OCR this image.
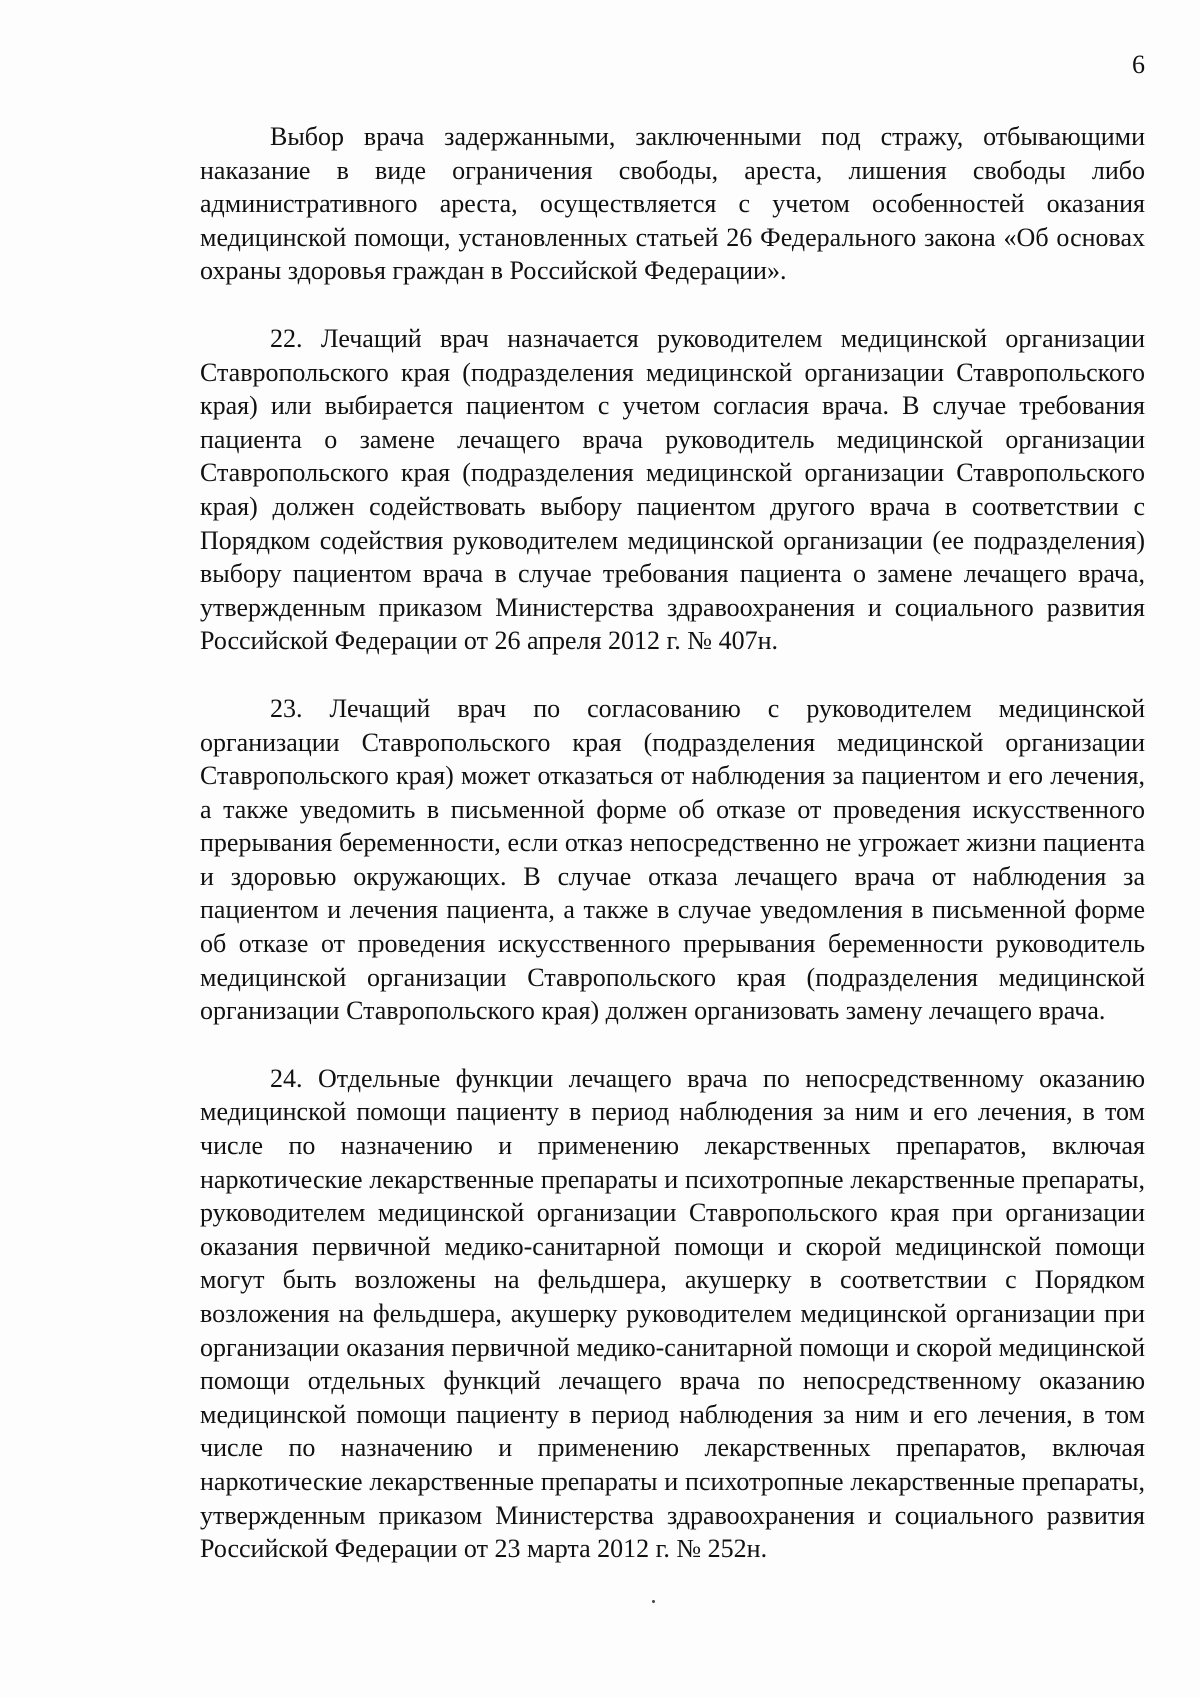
6

Выбор врача задержанными, заключенными под стражу, отбывающими наказание в виде ограничения свободы, ареста, лишения свободы либо административного ареста, осуществляется с учетом особенностей оказания медицинской помощи, установленных статьей 26 Федерального закона «Об основах охраны здоровья граждан в Российской Федерации».

22. Лечащий врач назначается руководителем медицинской организации Ставропольского края (подразделения медицинской организации Ставропольского края) или выбирается пациентом с учетом согласия врача. В случае требования пациента о замене лечащего врача руководитель медицинской организации Ставропольского края (подразделения медицинской организации Ставропольского края) должен содействовать выбору пациентом другого врача в соответствии с Порядком содействия руководителем медицинской организации (ее подразделения) выбору пациентом врача в случае требования пациента о замене лечащего врача, утвержденным приказом Министерства здравоохранения и социального развития Российской Федерации от 26 апреля 2012 г. № 407н.

23. Лечащий врач по согласованию с руководителем медицинской организации Ставропольского края (подразделения медицинской организации Ставропольского края) может отказаться от наблюдения за пациентом и его лечения, а также уведомить в письменной форме об отказе от проведения искусственного прерывания беременности, если отказ непосредственно не угрожает жизни пациента и здоровью окружающих. В случае отказа лечащего врача от наблюдения за пациентом и лечения пациента, а также в случае уведомления в письменной форме об отказе от проведения искусственного прерывания беременности руководитель медицинской организации Ставропольского края (подразделения медицинской организации Ставропольского края) должен организовать замену лечащего врача.

24. Отдельные функции лечащего врача по непосредственному оказанию медицинской помощи пациенту в период наблюдения за ним и его лечения, в том числе по назначению и применению лекарственных препаратов, включая наркотические лекарственные препараты и психотропные лекарственные препараты, руководителем медицинской организации Ставропольского края при организации оказания первичной медико-санитарной помощи и скорой медицинской помощи могут быть возложены на фельдшера, акушерку в соответствии с Порядком возложения на фельдшера, акушерку руководителем медицинской организации при организации оказания первичной медико-санитарной помощи и скорой медицинской помощи отдельных функций лечащего врача по непосредственному оказанию медицинской помощи пациенту в период наблюдения за ним и его лечения, в том числе по назначению и применению лекарственных препаратов, включая наркотические лекарственные препараты и психотропные лекарственные препараты, утвержденным приказом Министерства здравоохранения и социального развития Российской Федерации от 23 марта 2012 г. № 252н.
